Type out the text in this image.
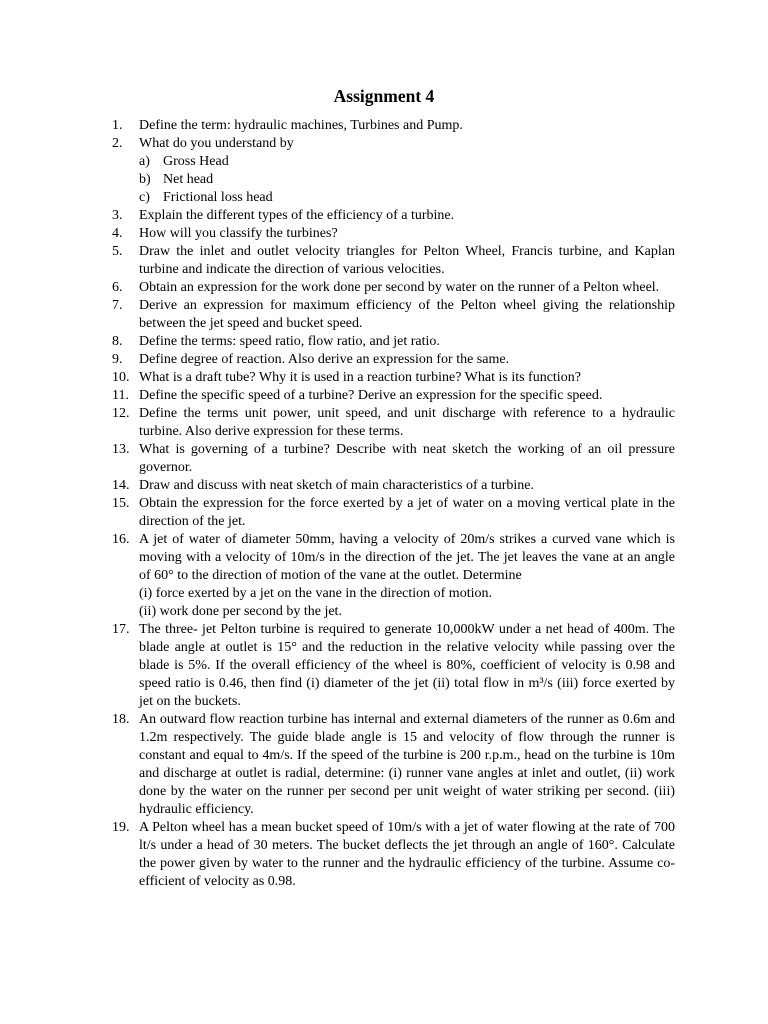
Assignment 4
1. Define the term: hydraulic machines, Turbines and Pump.
2. What do you understand by
a) Gross Head
b) Net head
c) Frictional loss head
3. Explain the different types of the efficiency of a turbine.
4. How will you classify the turbines?
5. Draw the inlet and outlet velocity triangles for Pelton Wheel, Francis turbine, and Kaplan turbine and indicate the direction of various velocities.
6. Obtain an expression for the work done per second by water on the runner of a Pelton wheel.
7. Derive an expression for maximum efficiency of the Pelton wheel giving the relationship between the jet speed and bucket speed.
8. Define the terms: speed ratio, flow ratio, and jet ratio.
9. Define degree of reaction. Also derive an expression for the same.
10. What is a draft tube? Why it is used in a reaction turbine? What is its function?
11. Define the specific speed of a turbine? Derive an expression for the specific speed.
12. Define the terms unit power, unit speed, and unit discharge with reference to a hydraulic turbine. Also derive expression for these terms.
13. What is governing of a turbine? Describe with neat sketch the working of an oil pressure governor.
14. Draw and discuss with neat sketch of main characteristics of a turbine.
15. Obtain the expression for the force exerted by a jet of water on a moving vertical plate in the direction of the jet.
16. A jet of water of diameter 50mm, having a velocity of 20m/s strikes a curved vane which is moving with a velocity of 10m/s in the direction of the jet. The jet leaves the vane at an angle of 60° to the direction of motion of the vane at the outlet. Determine
(i) force exerted by a jet on the vane in the direction of motion.
(ii) work done per second by the jet.
17. The three- jet Pelton turbine is required to generate 10,000kW under a net head of 400m. The blade angle at outlet is 15° and the reduction in the relative velocity while passing over the blade is 5%. If the overall efficiency of the wheel is 80%, coefficient of velocity is 0.98 and speed ratio is 0.46, then find (i) diameter of the jet (ii) total flow in m³/s (iii) force exerted by jet on the buckets.
18. An outward flow reaction turbine has internal and external diameters of the runner as 0.6m and 1.2m respectively. The guide blade angle is 15 and velocity of flow through the runner is constant and equal to 4m/s. If the speed of the turbine is 200 r.p.m., head on the turbine is 10m and discharge at outlet is radial, determine: (i) runner vane angles at inlet and outlet, (ii) work done by the water on the runner per second per unit weight of water striking per second. (iii) hydraulic efficiency.
19. A Pelton wheel has a mean bucket speed of 10m/s with a jet of water flowing at the rate of 700 lt/s under a head of 30 meters. The bucket deflects the jet through an angle of 160°. Calculate the power given by water to the runner and the hydraulic efficiency of the turbine. Assume co-efficient of velocity as 0.98.
